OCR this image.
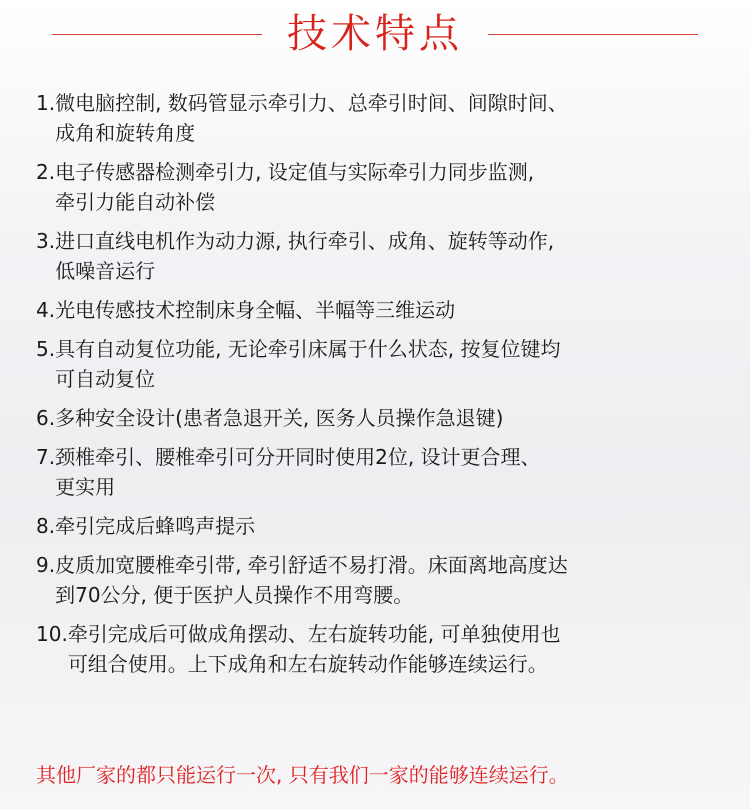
技术特点
1. 微电脑控制, 数码管显示牵引力、总牵引时间、间隙时间、
成角和旋转角度
2. 电子传感器检测牵引力, 设定值与实际牵引力同步监测,
牵引力能自动补偿
3. 进口直线电机作为动力源, 执行牵引、成角、旋转等动作,
低噪音运行
4. 光电传感技术控制床身全幅、半幅等三维运动
5. 具有自动复位功能, 无论牵引床属于什么状态, 按复位键均
可自动复位
6. 多种安全设计(患者急退开关, 医务人员操作急退键)
7. 颈椎牵引、腰椎牵引可分开同时使用2位, 设计更合理、
更实用
8. 牵引完成后蜂鸣声提示
9. 皮质加宽腰椎牵引带, 牵引舒适不易打滑。床面离地高度达
到70公分, 便于医护人员操作不用弯腰。
10. 牵引完成后可做成角摆动、左右旋转功能, 可单独使用也
可组合使用。上下成角和左右旋转动作能够连续运行。
其他厂家的都只能运行一次, 只有我们一家的能够连续运行。
